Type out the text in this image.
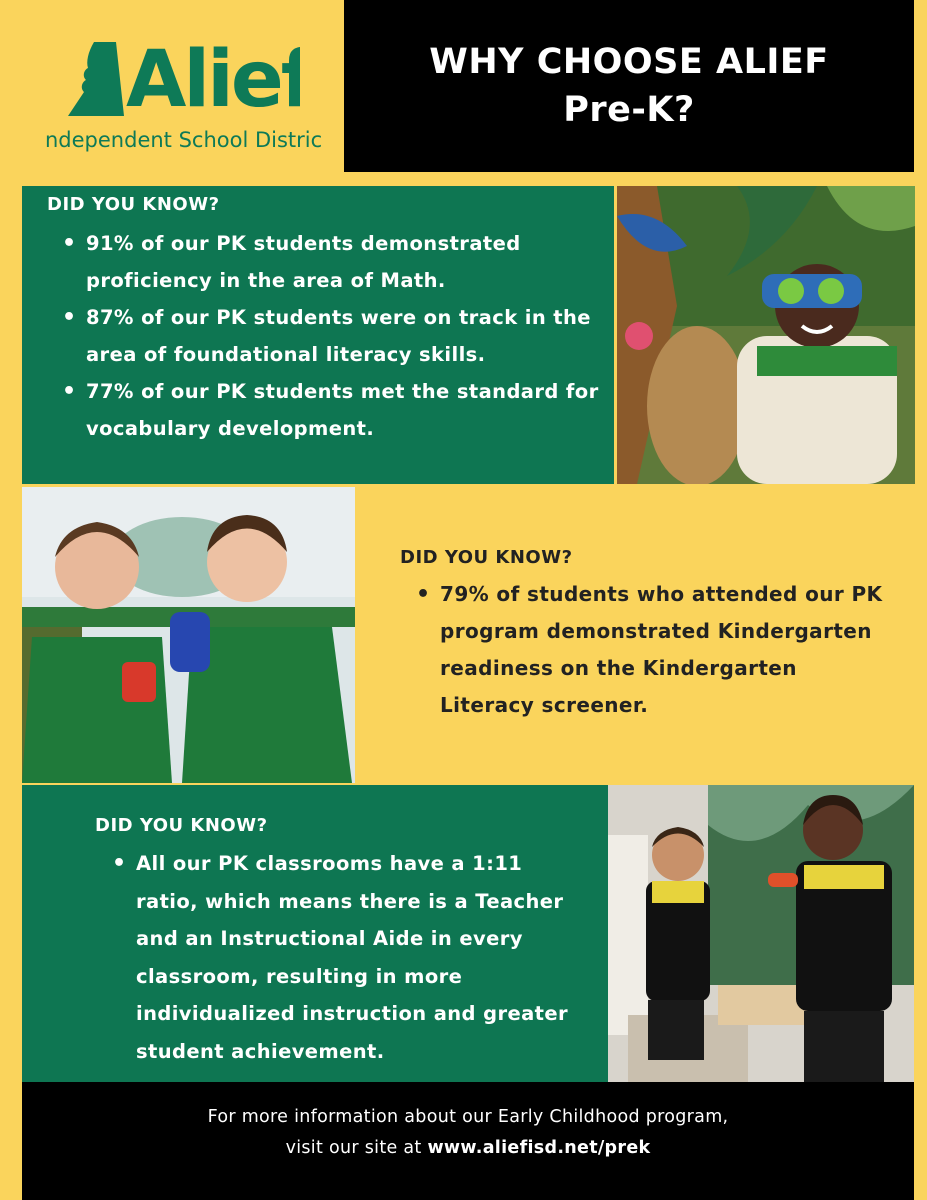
Alief
ndependent School Distric
WHY CHOOSE ALIEF
Pre-K?
DID YOU KNOW?
• 91% of our PK students demonstrated proficiency in the area of Math.
• 87% of our PK students were on track in the area of foundational literacy skills.
• 77% of our PK students met the standard for vocabulary development.
DID YOU KNOW?
• 79% of students who attended our PK program demonstrated Kindergarten readiness on the Kindergarten Literacy screener.
DID YOU KNOW?
• All our PK classrooms have a 1:11 ratio, which means there is a Teacher and an Instructional Aide in every classroom, resulting in more individualized instruction and greater student achievement.
For more information about our Early Childhood program,
visit our site at www.aliefisd.net/prek
